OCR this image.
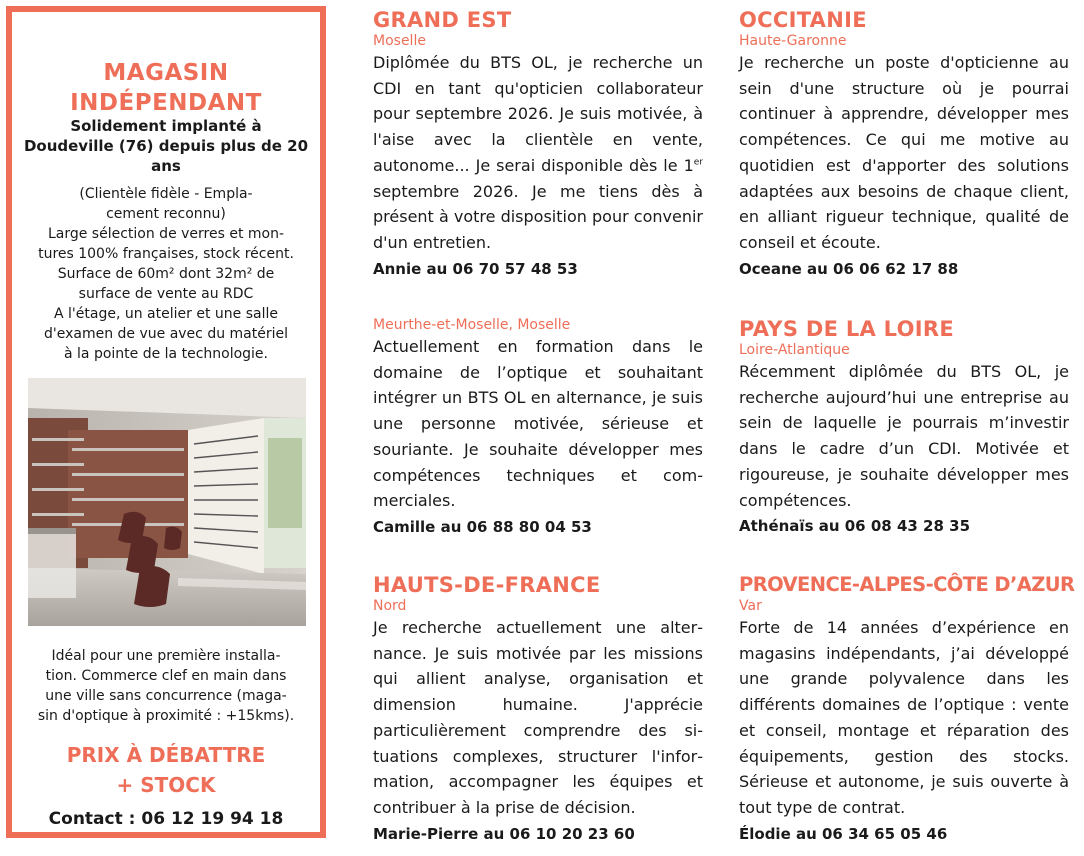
MAGASIN
INDÉPENDANT
Solidement implanté à
Doudeville (76) depuis plus de 20 ans
(Clientèle fidèle - Empla-
cement reconnu)
Large sélection de verres et mon-
tures 100% françaises, stock récent.
Surface de 60m² dont 32m² de
surface de vente au RDC
A l'étage, un atelier et une salle
d'examen de vue avec du matériel
à la pointe de la technologie.
Idéal pour une première installa-
tion. Commerce clef en main dans
une ville sans concurrence (maga-
sin d'optique à proximité : +15kms).
PRIX À DÉBATTRE
+ STOCK
Contact : 06 12 19 94 18
GRAND EST
Moselle
Diplômée du BTS OL, je recherche un CDI en tant qu'opticien collaborateur pour septembre 2026. Je suis motivée, à l'aise avec la clientèle en vente, autonome... Je serai disponible dès le 1er septembre 2026. Je me tiens dès à présent à votre disposition pour convenir d'un entretien.
Annie au 06 70 57 48 53
Meurthe-et-Moselle, Moselle
Actuellement en formation dans le domaine de l’optique et souhaitant intégrer un BTS OL en alternance, je suis une personne motivée, sérieuse et souriante. Je souhaite développer mes compétences techniques et commerciales.
Camille au 06 88 80 04 53
HAUTS-DE-FRANCE
Nord
Je recherche actuellement une alternance. Je suis motivée par les missions qui allient analyse, organisation et dimension humaine. J'apprécie particulièrement comprendre des situations complexes, structurer l'information, accompagner les équipes et contribuer à la prise de décision.
Marie-Pierre au 06 10 20 23 60
OCCITANIE
Haute-Garonne
Je recherche un poste d'opticienne au sein d'une structure où je pourrai continuer à apprendre, développer mes compétences. Ce qui me motive au quotidien est d'apporter des solutions adaptées aux besoins de chaque client, en alliant rigueur technique, qualité de conseil et écoute.
Oceane au 06 06 62 17 88
PAYS DE LA LOIRE
Loire-Atlantique
Récemment diplômée du BTS OL, je recherche aujourd’hui une entreprise au sein de laquelle je pourrais m’investir dans le cadre d’un CDI. Motivée et rigoureuse, je souhaite développer mes compétences.
Athénaïs au 06 08 43 28 35
PROVENCE-ALPES-CÔTE D’AZUR
Var
Forte de 14 années d’expérience en magasins indépendants, j’ai développé une grande polyvalence dans les différents domaines de l’optique : vente et conseil, montage et réparation des équipements, gestion des stocks. Sérieuse et autonome, je suis ouverte à tout type de contrat.
Élodie au 06 34 65 05 46
